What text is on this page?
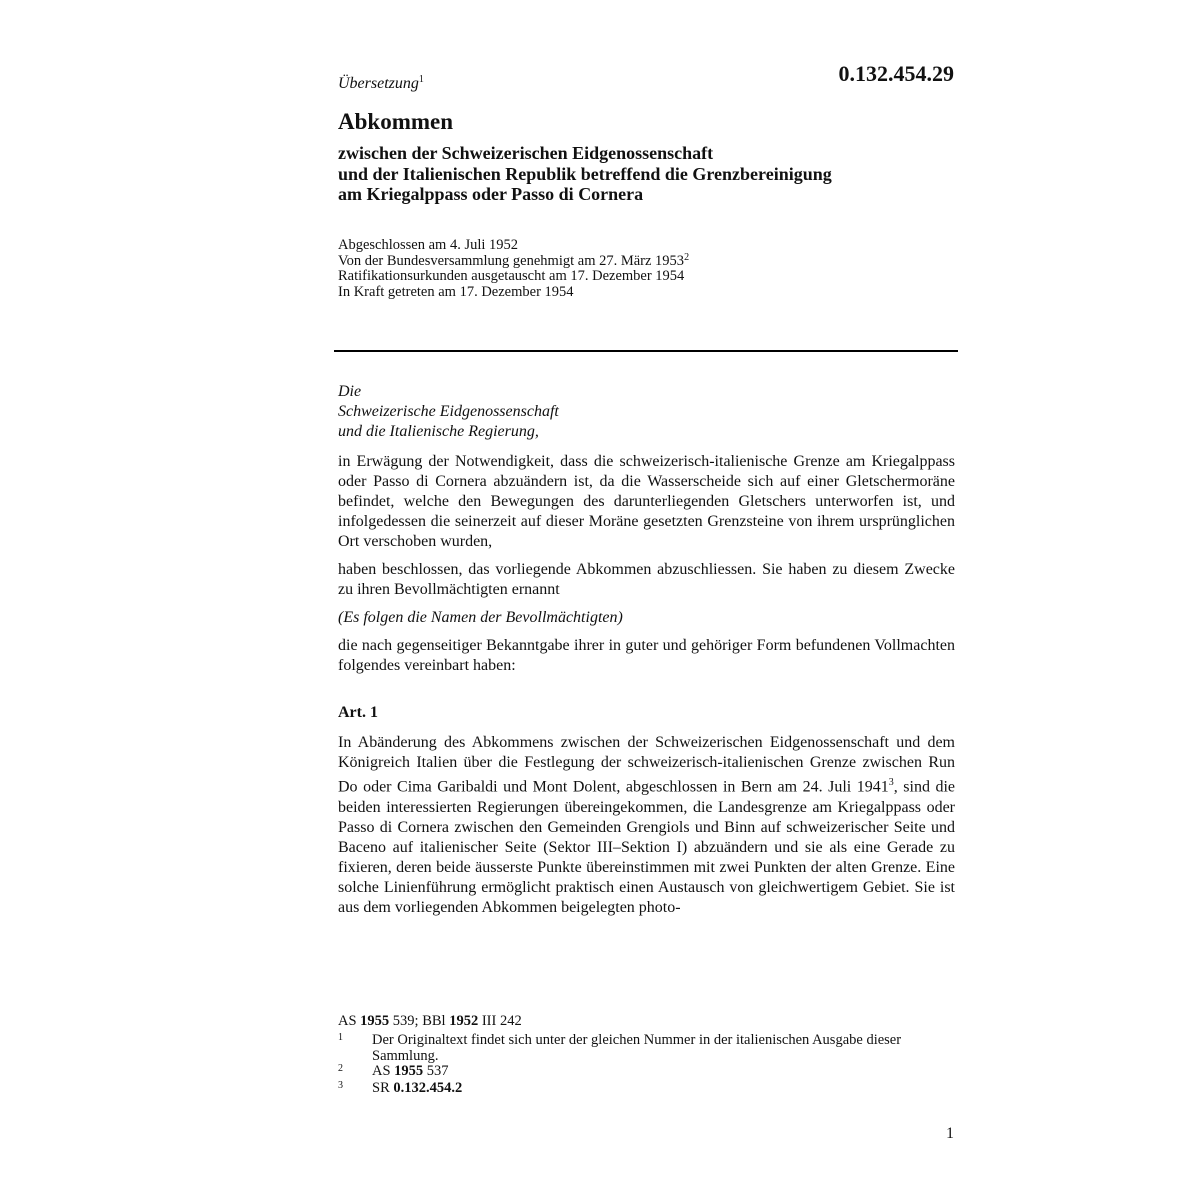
Übersetzung$^1$	0.132.454.29
Abkommen
zwischen der Schweizerischen Eidgenossenschaft
und der Italienischen Republik betreffend die Grenzbereinigung
am Kriegalppass oder Passo di Cornera
Abgeschlossen am 4. Juli 1952
Von der Bundesversammlung genehmigt am 27. März 1953$^2$
Ratifikationsurkunden ausgetauscht am 17. Dezember 1954
In Kraft getreten am 17. Dezember 1954
Die
Schweizerische Eidgenossenschaft
und die Italienische Regierung,

in Erwägung der Notwendigkeit, dass die schweizerisch-italienische Grenze am Kriegalppass oder Passo di Cornera abzuändern ist, da die Wasserscheide sich auf einer Gletschermoräne befindet, welche den Bewegungen des darunterliegenden Gletschers unterworfen ist, und infolgedessen die seinerzeit auf dieser Moräne gesetzten Grenzsteine von ihrem ursprünglichen Ort verschoben wurden,

haben beschlossen, das vorliegende Abkommen abzuschliessen. Sie haben zu diesem Zwecke zu ihren Bevollmächtigten ernannt

(Es folgen die Namen der Bevollmächtigten)

die nach gegenseitiger Bekanntgabe ihrer in guter und gehöriger Form befundenen Vollmachten folgendes vereinbart haben:

Art. 1

In Abänderung des Abkommens zwischen der Schweizerischen Eidgenossenschaft und dem Königreich Italien über die Festlegung der schweizerisch-italienischen Grenze zwischen Run Do oder Cima Garibaldi und Mont Dolent, abgeschlossen in Bern am 24. Juli 1941$^3$, sind die beiden interessierten Regierungen übereingekommen, die Landesgrenze am Kriegalppass oder Passo di Cornera zwischen den Gemeinden Grengiols und Binn auf schweizerischer Seite und Baceno auf italienischer Seite (Sektor III–Sektion I) abzuändern und sie als eine Gerade zu fixieren, deren beide äusserste Punkte übereinstimmen mit zwei Punkten der alten Grenze. Eine solche Linienführung ermöglicht praktisch einen Austausch von gleichwertigem Gebiet. Sie ist aus dem vorliegenden Abkommen beigelegten photo-

AS 1955 539; BBl 1952 III 242
1 Der Originaltext findet sich unter der gleichen Nummer in der italienischen Ausgabe dieser Sammlung.
2 AS 1955 537
3 SR 0.132.454.2
1
